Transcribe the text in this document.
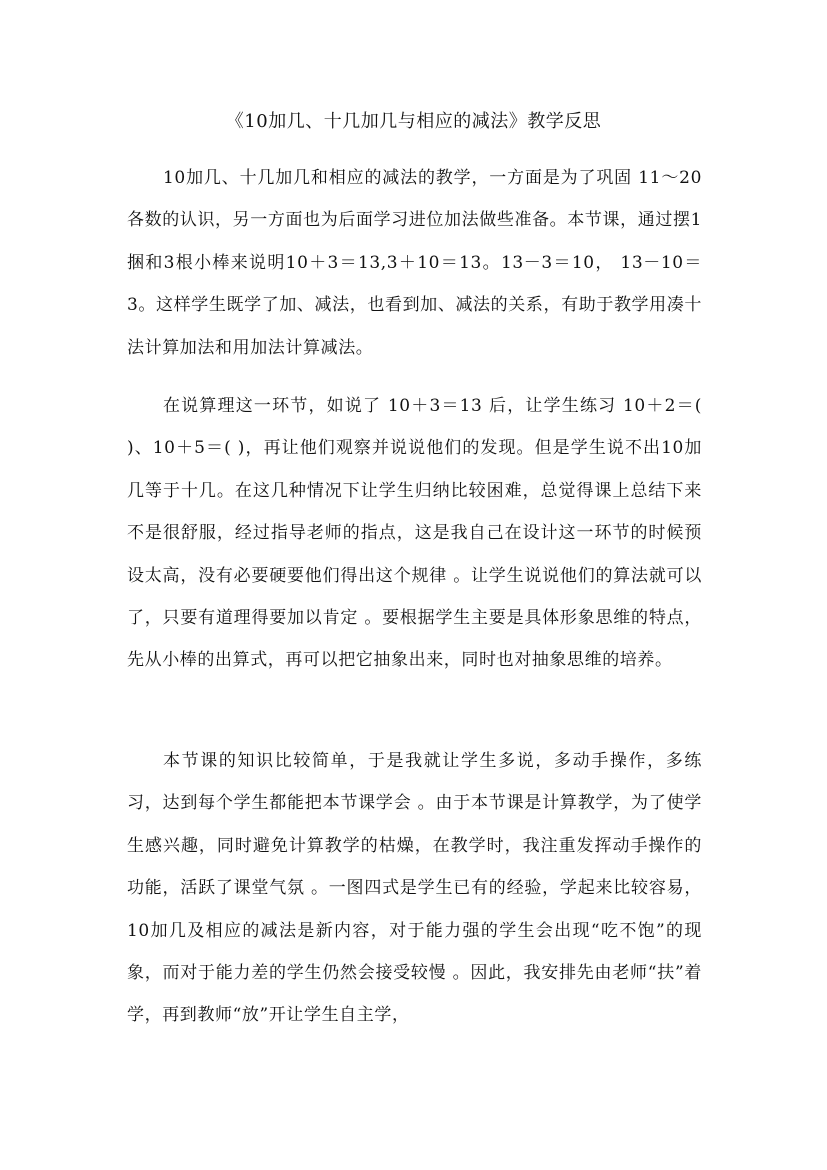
《10加几、十几加几与相应的减法》教学反思

10加几、十几加几和相应的减法的教学，一方面是为了巩固 11～20各数的认识，另一方面也为后面学习进位加法做些准备。本节课，通过摆1捆和3根小棒来说明10＋3＝13,3＋10＝13。13－3＝10， 13－10＝3。这样学生既学了加、减法，也看到加、减法的关系，有助于教学用凑十法计算加法和用加法计算减法。

在说算理这一环节，如说了 10＋3＝13 后，让学生练习 10＋2＝( )、10＋5＝( )，再让他们观察并说说他们的发现。但是学生说不出10加几等于十几。在这几种情况下让学生归纳比较困难，总觉得课上总结下来不是很舒服，经过指导老师的指点，这是我自己在设计这一环节的时候预设太高，没有必要硬要他们得出这个规律 。让学生说说他们的算法就可以了，只要有道理得要加以肯定 。要根据学生主要是具体形象思维的特点，先从小棒的出算式，再可以把它抽象出来，同时也对抽象思维的培养。

本节课的知识比较简单，于是我就让学生多说，多动手操作，多练习，达到每个学生都能把本节课学会 。由于本节课是计算教学，为了使学生感兴趣，同时避免计算教学的枯燥，在教学时，我注重发挥动手操作的功能，活跃了课堂气氛 。一图四式是学生已有的经验，学起来比较容易，10加几及相应的减法是新内容，对于能力强的学生会出现“吃不饱”的现象，而对于能力差的学生仍然会接受较慢 。因此，我安排先由老师“扶”着学，再到教师“放”开让学生自主学，
